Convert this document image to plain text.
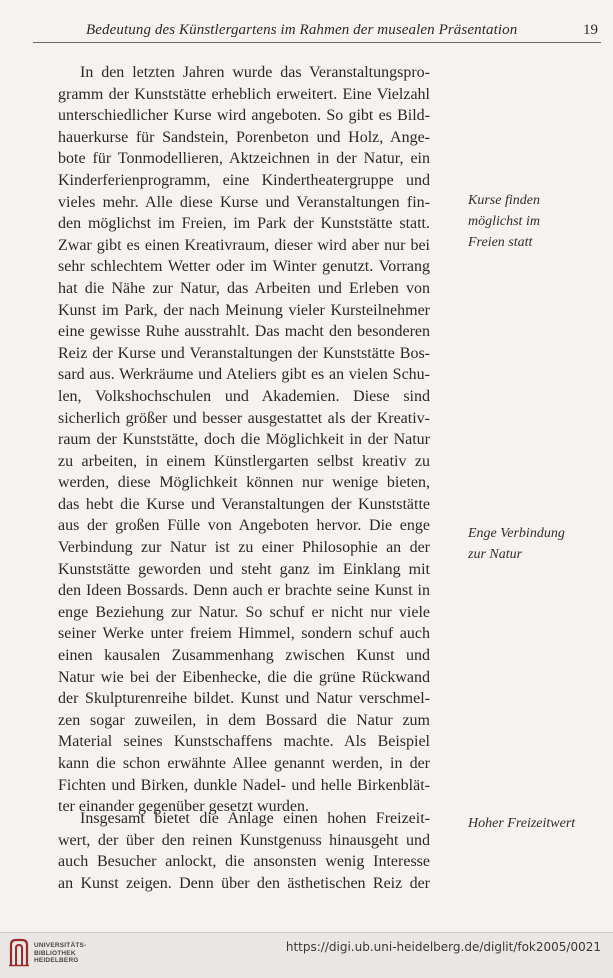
Bedeutung des Künstlergartens im Rahmen der musealen Präsentation	19
In den letzten Jahren wurde das Veranstaltungspro-
gramm der Kunststätte erheblich erweitert. Eine Vielzahl
unterschiedlicher Kurse wird angeboten. So gibt es Bild-
hauerkurse für Sandstein, Porenbeton und Holz, Ange-
bote für Tonmodellieren, Aktzeichnen in der Natur, ein
Kinderferienprogramm, eine Kindertheatergruppe und
vieles mehr. Alle diese Kurse und Veranstaltungen fin-
den möglichst im Freien, im Park der Kunststätte statt.
Zwar gibt es einen Kreativraum, dieser wird aber nur bei
sehr schlechtem Wetter oder im Winter genutzt. Vorrang
hat die Nähe zur Natur, das Arbeiten und Erleben von
Kunst im Park, der nach Meinung vieler Kursteilnehmer
eine gewisse Ruhe ausstrahlt. Das macht den besonderen
Reiz der Kurse und Veranstaltungen der Kunststätte Bos-
sard aus. Werkräume und Ateliers gibt es an vielen Schu-
len, Volkshochschulen und Akademien. Diese sind
sicherlich größer und besser ausgestattet als der Kreativ-
raum der Kunststätte, doch die Möglichkeit in der Natur
zu arbeiten, in einem Künstlergarten selbst kreativ zu
werden, diese Möglichkeit können nur wenige bieten,
das hebt die Kurse und Veranstaltungen der Kunststätte
aus der großen Fülle von Angeboten hervor. Die enge
Verbindung zur Natur ist zu einer Philosophie an der
Kunststätte geworden und steht ganz im Einklang mit
den Ideen Bossards. Denn auch er brachte seine Kunst in
enge Beziehung zur Natur. So schuf er nicht nur viele
seiner Werke unter freiem Himmel, sondern schuf auch
einen kausalen Zusammenhang zwischen Kunst und
Natur wie bei der Eibenhecke, die die grüne Rückwand
der Skulpturenreihe bildet. Kunst und Natur verschmel-
zen sogar zuweilen, in dem Bossard die Natur zum
Material seines Kunstschaffens machte. Als Beispiel
kann die schon erwähnte Allee genannt werden, in der
Fichten und Birken, dunkle Nadel- und helle Birkenblät-
ter einander gegenüber gesetzt wurden.
Insgesamt bietet die Anlage einen hohen Freizeit-
wert, der über den reinen Kunstgenuss hinausgeht und
auch Besucher anlockt, die ansonsten wenig Interesse
an Kunst zeigen. Denn über den ästhetischen Reiz der
Kurse finden
möglichst im
Freien statt
Enge Verbindung
zur Natur
Hoher Freizeitwert
UNIVERSITÄTS-
BIBLIOTHEK
HEIDELBERG
https://digi.ub.uni-heidelberg.de/diglit/fok2005/0021
